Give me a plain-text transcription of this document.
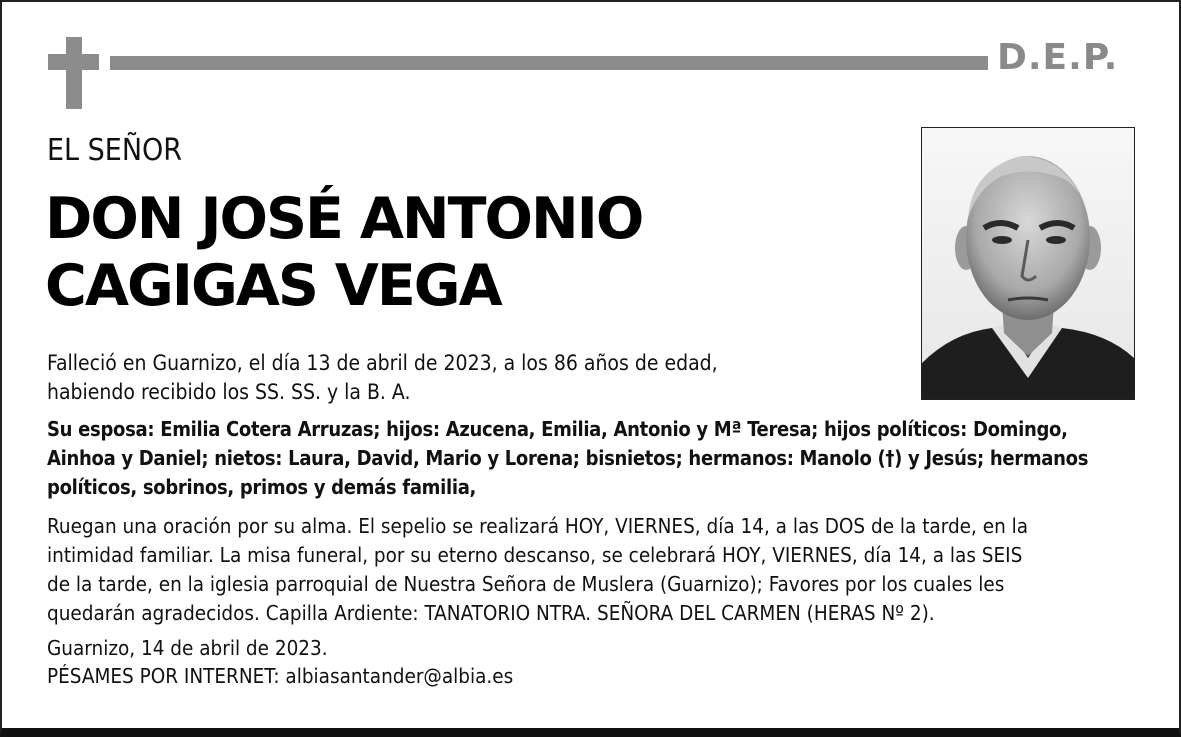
D.E.P.
EL SEÑOR
DON JOSÉ ANTONIO
CAGIGAS VEGA
Falleció en Guarnizo, el día 13 de abril de 2023, a los 86 años de edad,
habiendo recibido los SS. SS. y la B. A.
Su esposa: Emilia Cotera Arruzas; hijos: Azucena, Emilia, Antonio y Mª Teresa; hijos políticos: Domingo,
Ainhoa y Daniel; nietos: Laura, David, Mario y Lorena; bisnietos; hermanos: Manolo (†) y Jesús; hermanos
políticos, sobrinos, primos y demás familia,
Ruegan una oración por su alma. El sepelio se realizará HOY, VIERNES, día 14, a las DOS de la tarde, en la
intimidad familiar. La misa funeral, por su eterno descanso, se celebrará HOY, VIERNES, día 14, a las SEIS
de la tarde, en la iglesia parroquial de Nuestra Señora de Muslera (Guarnizo); Favores por los cuales les
quedarán agradecidos. Capilla Ardiente: TANATORIO NTRA. SEÑORA DEL CARMEN (HERAS Nº 2).
Guarnizo, 14 de abril de 2023.
PÉSAMES POR INTERNET: albiasantander@albia.es
